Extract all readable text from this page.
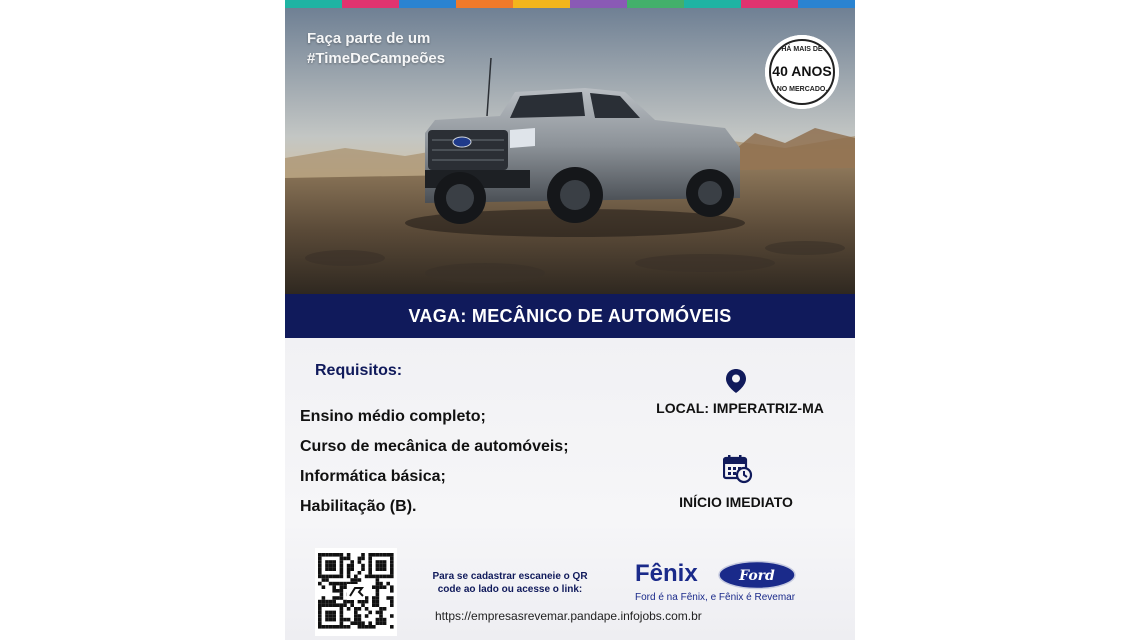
Faça parte de um
#TimeDeCampeões
HÁ MAIS DE
40 ANOS
NO MERCADO.
VAGA: MECÂNICO DE AUTOMÓVEIS
Requisitos:
Ensino médio completo;
Curso de mecânica de automóveis;
Informática básica;
Habilitação (B).
LOCAL: IMPERATRIZ-MA
INÍCIO IMEDIATO
Para se cadastrar escaneie o QR code ao lado ou acesse o link:
https://empresasrevemar.pandape.infojobs.com.br
Fênix	Ford
Ford é na Fênix, e Fênix é Revemar
